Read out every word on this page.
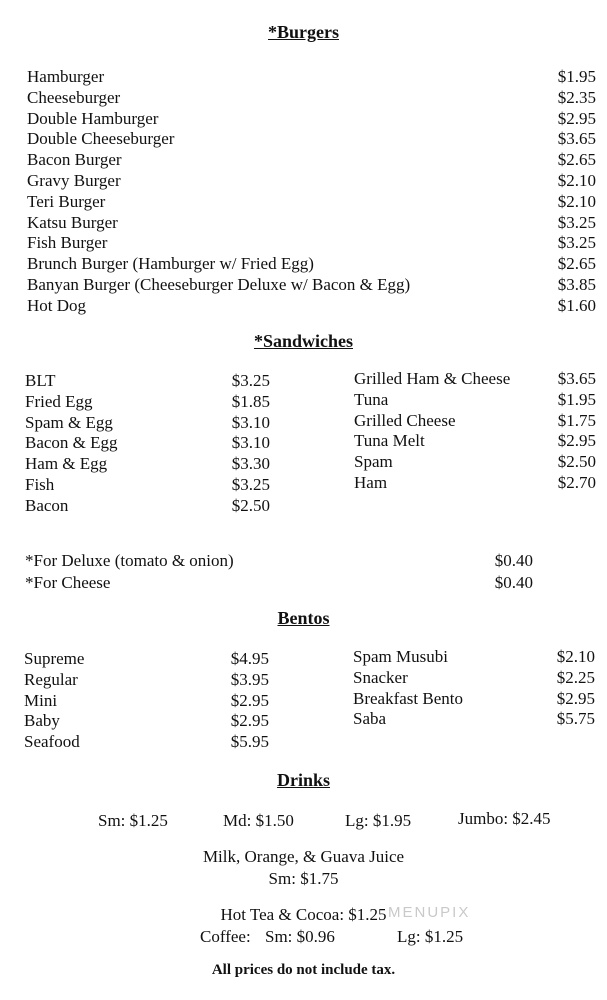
*Burgers
Hamburger	$1.95
Cheeseburger	$2.35
Double Hamburger	$2.95
Double Cheeseburger	$3.65
Bacon Burger	$2.65
Gravy Burger	$2.10
Teri Burger	$2.10
Katsu Burger	$3.25
Fish Burger	$3.25
Brunch Burger (Hamburger w/ Fried Egg)	$2.65
Banyan Burger (Cheeseburger Deluxe w/ Bacon & Egg)	$3.85
Hot Dog	$1.60
*Sandwiches
BLT	$3.25
Fried Egg	$1.85
Spam & Egg	$3.10
Bacon & Egg	$3.10
Ham & Egg	$3.30
Fish	$3.25
Bacon	$2.50
Grilled Ham & Cheese	$3.65
Tuna	$1.95
Grilled Cheese	$1.75
Tuna Melt	$2.95
Spam	$2.50
Ham	$2.70
*For Deluxe (tomato & onion)	$0.40
*For Cheese	$0.40
Bentos
Supreme	$4.95
Regular	$3.95
Mini	$2.95
Baby	$2.95
Seafood	$5.95
Spam Musubi	$2.10
Snacker	$2.25
Breakfast Bento	$2.95
Saba	$5.75
Drinks
Sm: $1.25	Md: $1.50	Lg: $1.95	Jumbo: $2.45
Milk, Orange, & Guava Juice
Sm: $1.75
Hot Tea & Cocoa: $1.25
Coffee: Sm: $0.96	Lg: $1.25
All prices do not include tax.
MENUPIX
